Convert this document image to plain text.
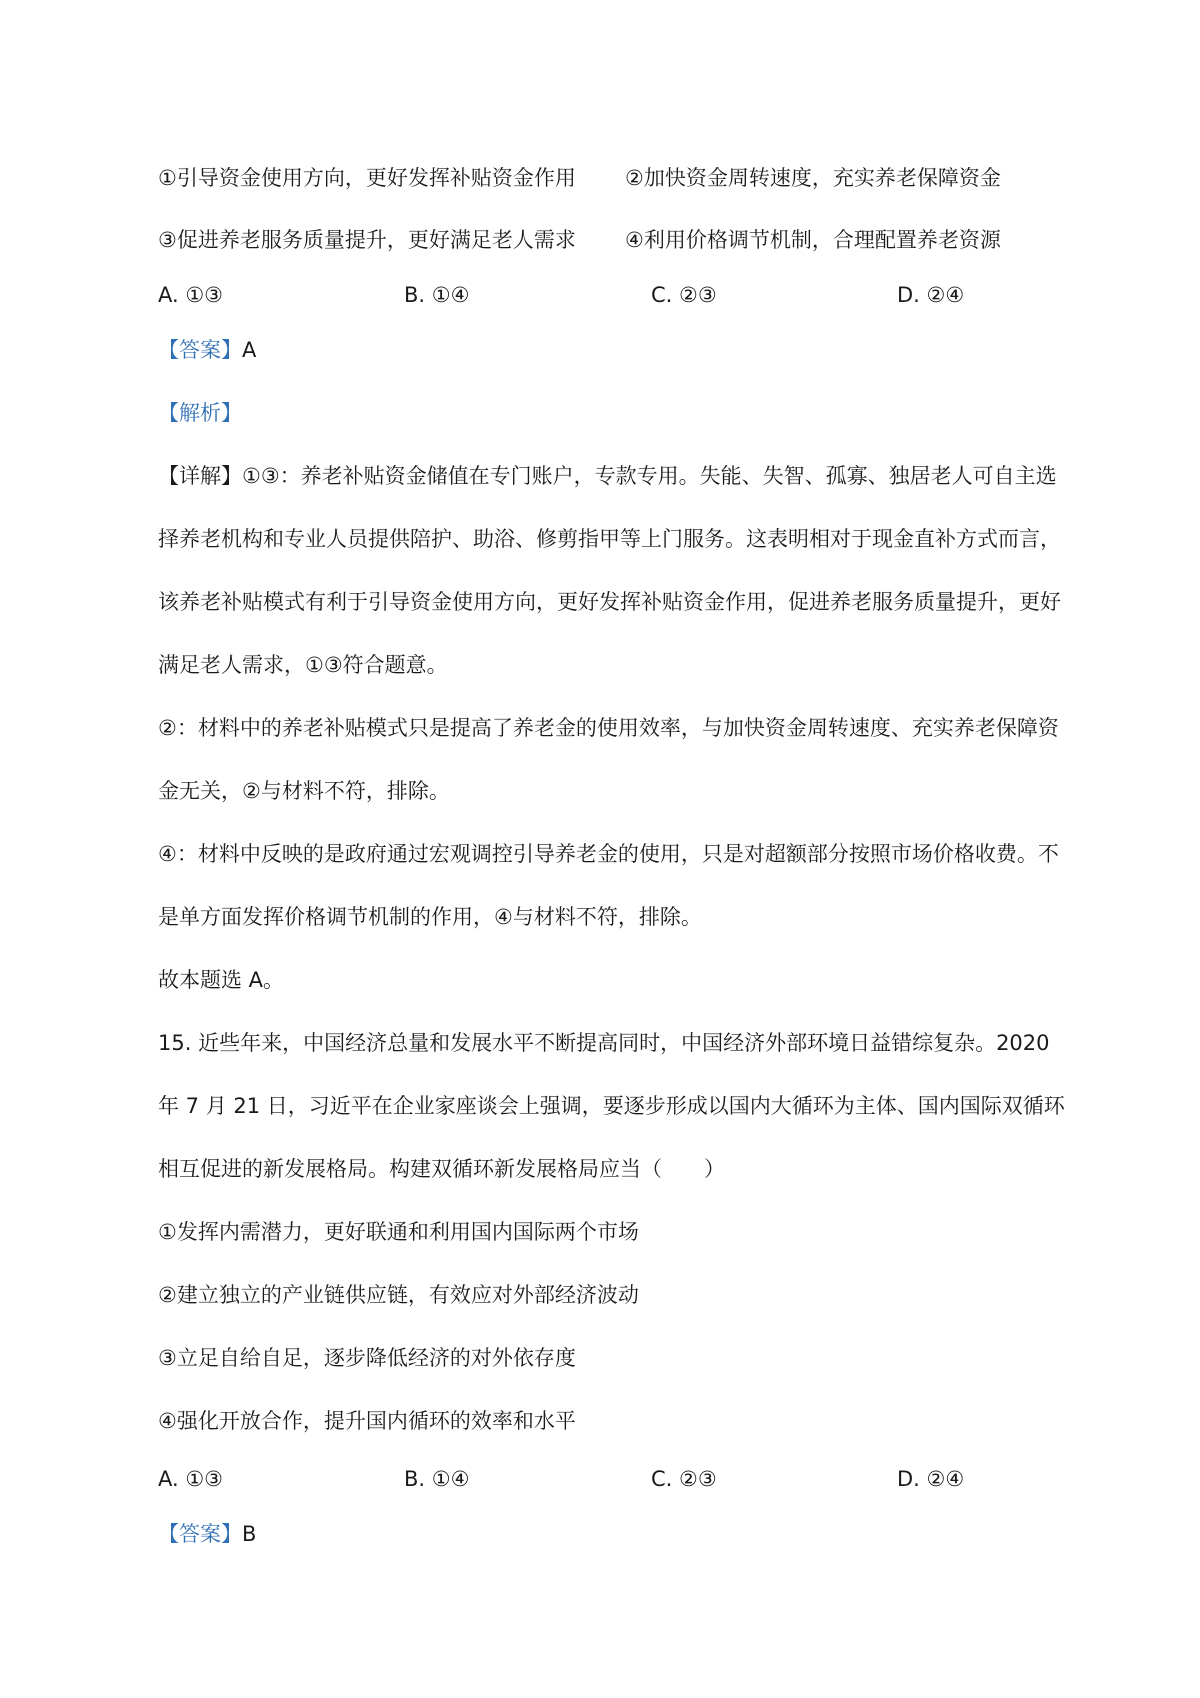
①引导资金使用方向，更好发挥补贴资金作用 ②加快资金周转速度，充实养老保障资金
③促进养老服务质量提升，更好满足老人需求 ④利用价格调节机制，合理配置养老资源
A. ①③	B. ①④	C. ②③	D. ②④
【答案】A
【解析】
【详解】①③：养老补贴资金储值在专门账户，专款专用。失能、失智、孤寡、独居老人可自主选
择养老机构和专业人员提供陪护、助浴、修剪指甲等上门服务。这表明相对于现金直补方式而言，
该养老补贴模式有利于引导资金使用方向，更好发挥补贴资金作用，促进养老服务质量提升，更好
满足老人需求，①③符合题意。
②：材料中的养老补贴模式只是提高了养老金的使用效率，与加快资金周转速度、充实养老保障资
金无关，②与材料不符，排除。
④：材料中反映的是政府通过宏观调控引导养老金的使用，只是对超额部分按照市场价格收费。不
是单方面发挥价格调节机制的作用，④与材料不符，排除。
故本题选 A。
15. 近些年来，中国经济总量和发展水平不断提高同时，中国经济外部环境日益错综复杂。2020
年 7 月 21 日，习近平在企业家座谈会上强调，要逐步形成以国内大循环为主体、国内国际双循环
相互促进的新发展格局。构建双循环新发展格局应当（　　）
①发挥内需潜力，更好联通和利用国内国际两个市场
②建立独立的产业链供应链，有效应对外部经济波动
③立足自给自足，逐步降低经济的对外依存度
④强化开放合作，提升国内循环的效率和水平
A. ①③	B. ①④	C. ②③	D. ②④
【答案】B
